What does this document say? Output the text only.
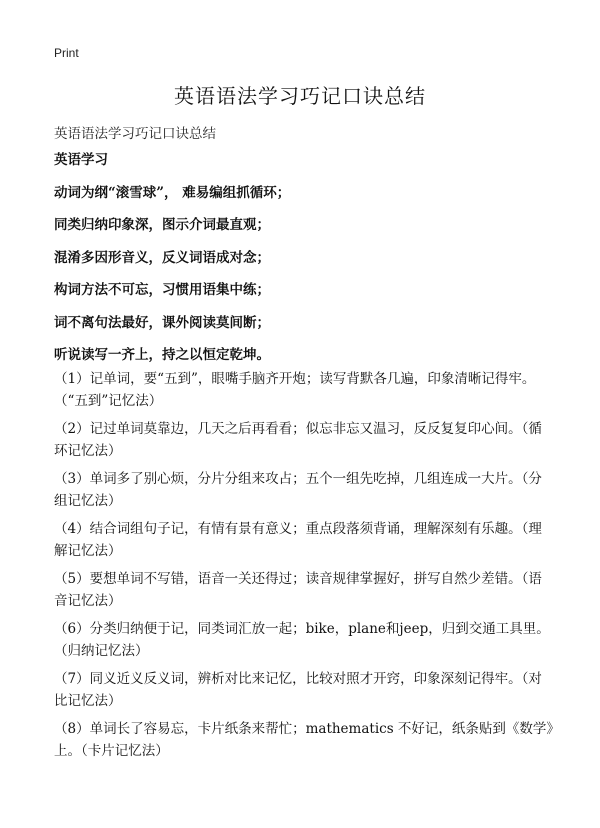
Print
英语语法学习巧记口诀总结
英语语法学习巧记口诀总结
英语学习
动词为纲“滚雪球”， 难易编组抓循环；
同类归纳印象深，图示介词最直观；
混淆多因形音义，反义词语成对念；
构词方法不可忘，习惯用语集中练；
词不离句法最好，课外阅读莫间断；
听说读写一齐上，持之以恒定乾坤。
（1）记单词，要“五到”，眼嘴手脑齐开炮；读写背默各几遍，印象清晰记得牢。（“五到”记忆法）
（2）记过单词莫靠边，几天之后再看看；似忘非忘又温习，反反复复印心间。（循环记忆法）
（3）单词多了别心烦，分片分组来攻占；五个一组先吃掉，几组连成一大片。（分组记忆法）
（4）结合词组句子记，有情有景有意义；重点段落须背诵，理解深刻有乐趣。（理解记忆法）
（5）要想单词不写错，语音一关还得过；读音规律掌握好，拼写自然少差错。（语音记忆法）
（6）分类归纳便于记，同类词汇放一起；bike，plane和jeep，归到交通工具里。（归纳记忆法）
（7）同义近义反义词，辨析对比来记忆，比较对照才开窍，印象深刻记得牢。（对比记忆法）
（8）单词长了容易忘，卡片纸条来帮忙；mathematics 不好记，纸条贴到《数学》上。（卡片记忆法）
